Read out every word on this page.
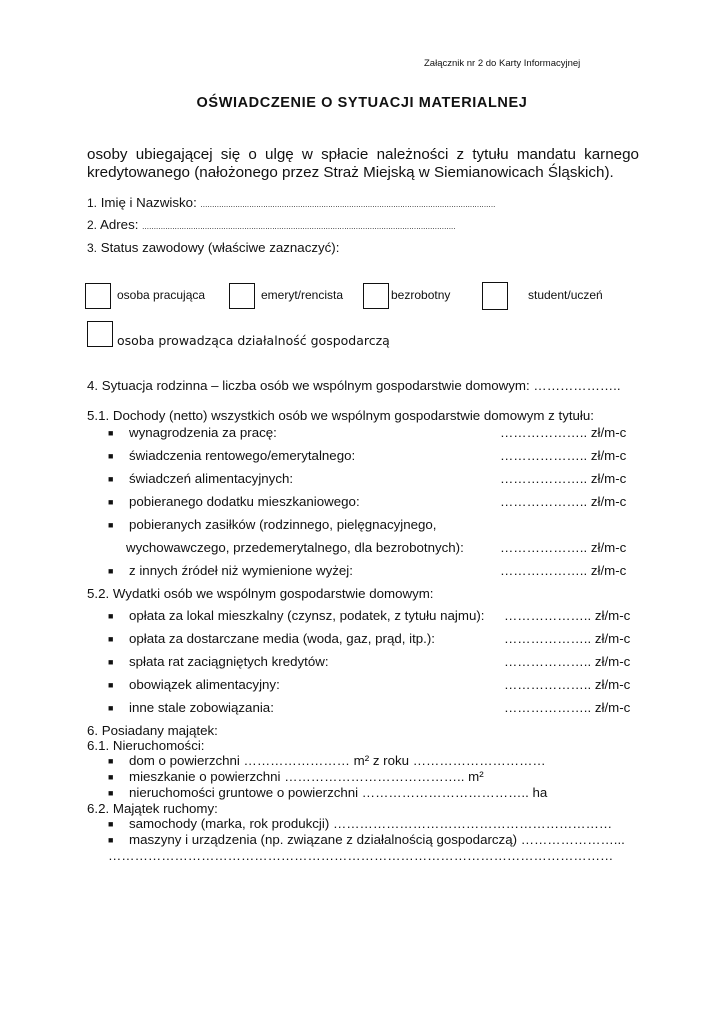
Załącznik nr 2 do Karty Informacyjnej
OŚWIADCZENIE O SYTUACJI MATERIALNEJ

osoby ubiegającej się o ulgę w spłacie należności z tytułu mandatu karnego

kredytowanego (nałożonego przez Straż Miejską w Siemianowicach Śląskich).

1. Imię i Nazwisko: ...............................................................................................................................
2. Adres: .......................................................................................................................................
3. Status zawodowy (właściwe zaznaczyć):
osoba pracująca	emeryt/rencista	bezrobotny	student/uczeń
osoba prowadząca działalność gospodarczą
4. Sytuacja rodzinna – liczba osób we wspólnym gospodarstwie domowym: ………………..
5.1. Dochody (netto) wszystkich osób we wspólnym gospodarstwie domowym z tytułu:
■ wynagrodzenia za pracę:	……………….. zł/m-c
■ świadczenia rentowego/emerytalnego:	……………….. zł/m-c
■ świadczeń alimentacyjnych:	……………….. zł/m-c
■ pobieranego dodatku mieszkaniowego:	……………….. zł/m-c
■ pobieranych zasiłków (rodzinnego, pielęgnacyjnego,
wychowawczego, przedemerytalnego, dla bezrobotnych):	……………….. zł/m-c
■ z innych źródeł niż wymienione wyżej:	……………….. zł/m-c
5.2. Wydatki osób we wspólnym gospodarstwie domowym:
■ opłata za lokal mieszkalny (czynsz, podatek, z tytułu najmu): ……………….. zł/m-c
■ opłata za dostarczane media (woda, gaz, prąd, itp.):	……………….. zł/m-c
■ spłata rat zaciągniętych kredytów:	……………….. zł/m-c
■ obowiązek alimentacyjny:	……………….. zł/m-c
■ inne stale zobowiązania:	……………….. zł/m-c
6. Posiadany majątek:
6.1. Nieruchomości:
■ dom o powierzchni …………………… m² z roku …………………………
■ mieszkanie o powierzchni ………………………………….. m²
■ nieruchomości gruntowe o powierzchni ……………………………….. ha
6.2. Majątek ruchomy:
■ samochody (marka, rok produkcji) ………………………………………………………
■ maszyny i urządzenia (np. związane z działalnością gospodarczą) …………………...
……………………………………………………………………………………………………
